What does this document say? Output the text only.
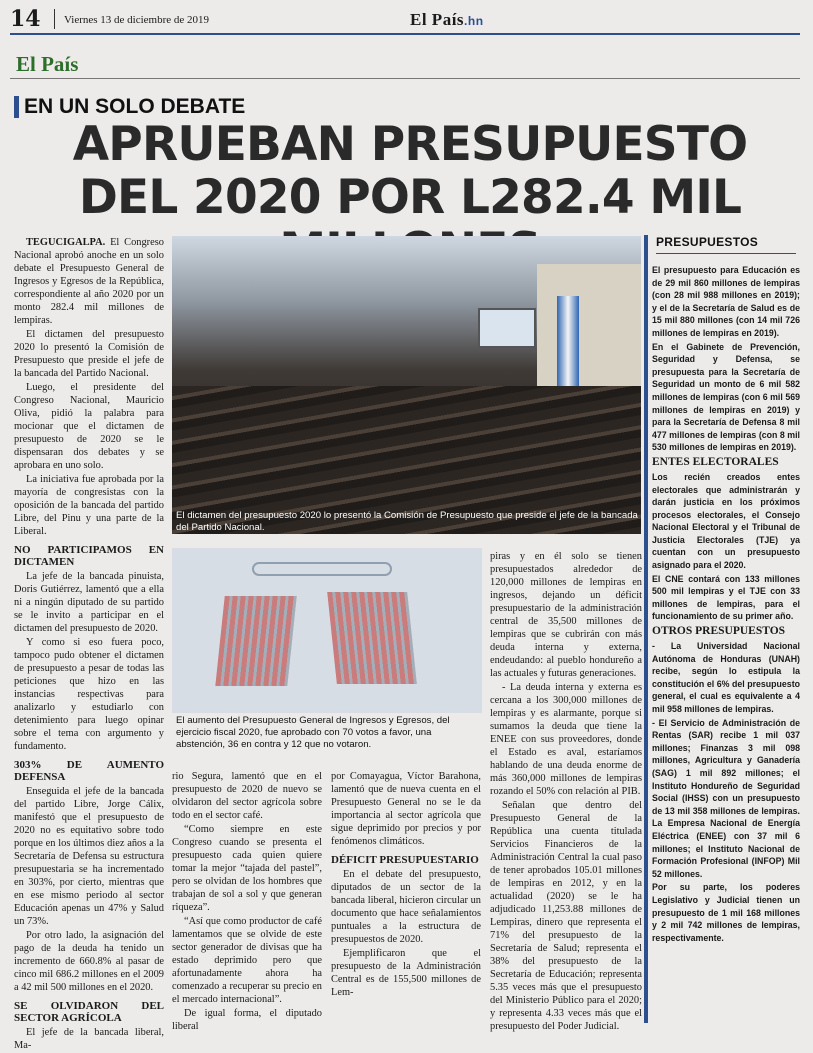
14 Viernes 13 de diciembre de 2019	El País.hn
El País
EN UN SOLO DEBATE
APRUEBAN PRESUPUESTO DEL 2020 POR L282.4 MIL

TEGUCIGALPA. El Congreso Nacional aprobó anoche en un solo debate el Presupuesto General de Ingresos y Egresos de la República, correspondiente al año 2020 por un monto 282.4 mil millones de lempiras.

El dictamen del presupuesto 2020 lo presentó la Comisión de Presupuesto que preside el jefe de la bancada del Partido Nacional.

Luego, el presidente del Congreso Nacional, Mauricio Oliva, pidió la palabra para mocionar que el dictamen de presupuesto de 2020 se le dispensaran dos debates y se aprobara en uno solo.

La iniciativa fue aprobada por la mayoría de congresistas con la oposición de la bancada del partido Libre, del Pinu y una parte de la Liberal.

NO PARTICIPAMOS EN DICTAMEN

La jefe de la bancada pinuista, Doris Gutiérrez, lamentó que a ella ni a ningún diputado de su partido se le invito a participar en el dictamen del presupuesto de 2020.

Y como si eso fuera poco, tampoco pudo obtener el dictamen de presupuesto a pesar de todas las peticiones que hizo en las instancias respectivas para analizarlo y estudiarlo con detenimiento para luego opinar sobre el tema con argumento y fundamento.

303% DE AUMENTO DEFENSA

Enseguida el jefe de la bancada del partido Libre, Jorge Cálix, manifestó que el presupuesto de 2020 no es equitativo sobre todo porque en los últimos diez años a la Secretaría de Defensa su estructura presupuestaria se ha incrementado en 303%, por cierto, mientras que en ese mismo periodo al sector Educación apenas un 47% y Salud un 73%.

Por otro lado, la asignación del pago de la deuda ha tenido un incremento de 660.8% al pasar de cinco mil 686.2 millones en el 2009 a 42 mil 500 millones en el 2020.

SE OLVIDARON DEL SECTOR AGRÍCOLA

El jefe de la bancada liberal, Ma-

El dictamen del presupuesto 2020 lo presentó la Comisión de Presupuesto que preside el jefe de la bancada del Partido Nacional.
El aumento del Presupuesto General de Ingresos y Egresos, del ejercicio fiscal 2020, fue aprobado con 70 votos a favor, una abstención, 36 en contra y 12 que no votaron.

rio Segura, lamentó que en el presupuesto de 2020 de nuevo se olvidaron del sector agrícola sobre todo en el sector café.

“Como siempre en este Congreso cuando se presenta el presupuesto cada quien quiere tomar la mejor “tajada del pastel”, pero se olvidan de los hombres que trabajan de sol a sol y que generan riqueza”.

“Así que como productor de café lamentamos que se olvide de este sector generador de divisas que ha estado deprimido pero que afortunadamente ahora ha comenzado a recuperar su precio en el mercado internacional”.

De igual forma, el diputado liberal

por Comayagua, Víctor Barahona, lamentó que de nueva cuenta en el Presupuesto General no se le da importancia al sector agrícola que sigue deprimido por precios y por fenómenos climáticos.

DÉFICIT PRESUPUESTARIO

En el debate del presupuesto, diputados de un sector de la bancada liberal, hicieron circular un documento que hace señalamientos puntuales a la estructura de presupuestos de 2020.

Ejemplificaron que el presupuesto de la Administración Central es de 155,500 millones de Lem-

piras y en él solo se tienen presupuestados alrededor de 120,000 millones de lempiras en ingresos, dejando un déficit presupuestario de la administración central de 35,500 millones de lempiras que se cubrirán con más deuda interna y externa, endeudando: al pueblo hondureño a las actuales y futuras generaciones.

- La deuda interna y externa es cercana a los 300,000 millones de lempiras y es alarmante, porque si sumamos la deuda que tiene la ENEE con sus proveedores, donde el Estado es aval, estaríamos hablando de una deuda enorme de más 360,000 millones de lempiras rozando el 50% con relación al PIB.

Señalan que dentro del Presupuesto General de la República una cuenta titulada Servicios Financieros de la Administración Central la cual paso de tener aprobados 105.01 millones de lempiras en 2012, y en la actualidad (2020) se le ha adjudicado 11,253.88 millones de Lempiras, dinero que representa el 71% del presupuesto de la Secretaría de Salud; representa el 38% del presupuesto de la Secretaría de Educación; representa 5.35 veces más que el presupuesto del Ministerio Público para el 2020; y representa 4.33 veces más que el presupuesto del Poder Judicial.

PRESUPUESTOS

El presupuesto para Educación es de 29 mil 860 millones de lempiras (con 28 mil 988 millones en 2019); y el de la Secretaría de Salud es de 15 mil 880 millones (con 14 mil 726 millones de lempiras en 2019).

En el Gabinete de Prevención, Seguridad y Defensa, se presupuesta para la Secretaría de Seguridad un monto de 6 mil 582 millones de lempiras (con 6 mil 569 millones de lempiras en 2019) y para la Secretaría de Defensa 8 mil 477 millones de lempiras (con 8 mil 530 millones de lempiras en 2019).

ENTES ELECTORALES

Los recién creados entes electorales que administrarán y darán justicia en los próximos procesos electorales, el Consejo Nacional Electoral y el Tribunal de Justicia Electorales (TJE) ya cuentan con un presupuesto asignado para el 2020.

El CNE contará con 133 millones 500 mil lempiras y el TJE con 33 millones de lempiras, para el funcionamiento de su primer año.

OTROS PRESUPUESTOS

- La Universidad Nacional Autónoma de Honduras (UNAH) recibe, según lo estipula la constitución el 6% del presupuesto general, el cual es equivalente a 4 mil 958 millones de lempiras.

- El Servicio de Administración de Rentas (SAR) recibe 1 mil 037 millones; Finanzas 3 mil 098 millones, Agricultura y Ganadería (SAG) 1 mil 892 millones; el Instituto Hondureño de Seguridad Social (IHSS) con un presupuesto de 13 mil 358 millones de lempiras. La Empresa Nacional de Energía Eléctrica (ENEE) con 37 mil 6 millones; el Instituto Nacional de Formación Profesional (INFOP) Mil 52 millones.

Por su parte, los poderes Legislativo y Judicial tienen un presupuesto de 1 mil 168 millones y 2 mil 742 millones de lempiras, respectivamente.
